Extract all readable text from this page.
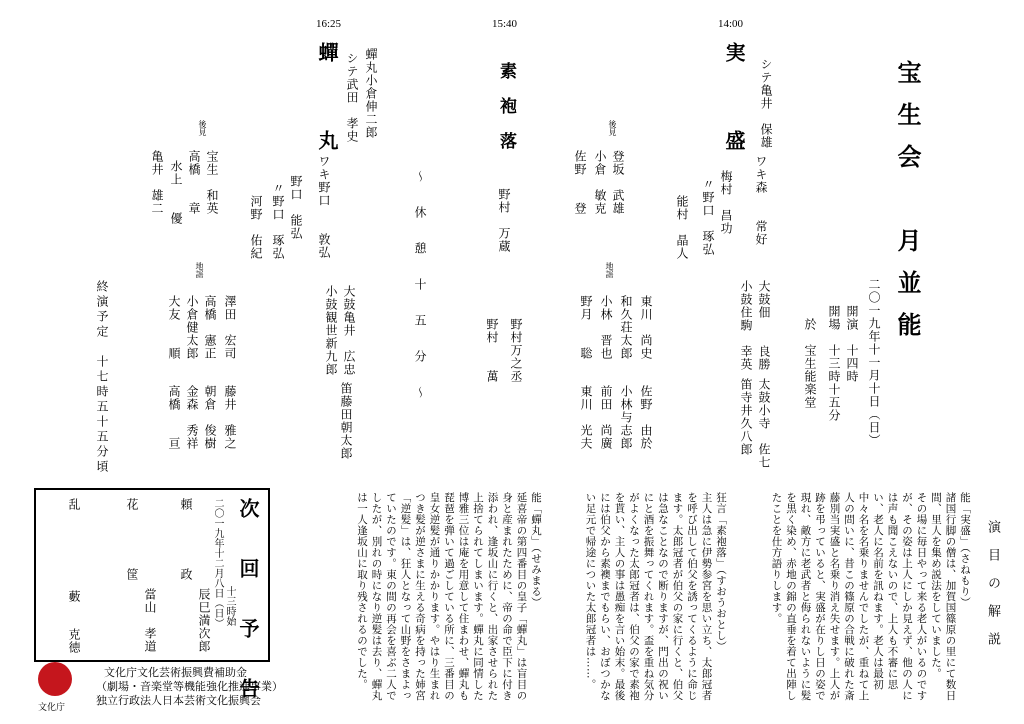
宝生会　月並能
二〇一九年十一月十日（日）
開演　十四時
開場　十三時十五分
於　宝生能楽堂
14:00
実　盛 シテ亀井　保雄
ワキ森　　常好
梅村　昌功
〃野口　琢弘
能村　晶人
大鼓佃　　良勝
小鼓住駒　幸英
太鼓小寺　佐七
笛寺井久八郎
後見
登坂　武雄
小倉　敏克
佐野　　登
地謡
東川　尚史
和久荘太郎
小林　晋也
野月　　聡
佐野　由於
小林与志郎
前田　尚廣
東川　光夫
15:40
素袍落
野村　万蔵
野村万之丞
野村　　萬
〜　休　憩　十　五　分　〜
16:25
蟬　丸 蟬丸小倉伸二郎
シテ武田　孝史
ワキ野口　　敦弘
野口　能弘
〃野口　琢弘
河野　佑紀
大鼓亀井　広忠
小鼓観世新九郎
笛藤田朝太郎
後見
宝生　和英
高橋　　章
水上　　優
亀井　雄二
地謡
澤田　宏司
高橋　憲正
小倉健太郎
大友　　順
藤井　雅之
朝倉　俊樹
金森　秀祥
高橋　　亘
終演予定　十七時五十五分頃
演　目　の　解　説
能「実盛」（さねもり）
諸国行脚の僧は、加賀国篠原の里にて数日間、里人を集め説法をしていました。
その場に毎日やって来る老人がいるのですが、その姿は上人にしか見えず、他の人には声も聞こえないので、上人も不審に思い、老人に名前を訊ねます。老人は最初中々名を名乗りませんでしたが、重ねて上人の問いに、昔この篠原の合戦に破れた斎藤別当実盛と名乗り消え失せます。上人が跡を弔っていると、実盛が在りし日の姿で現れ、敵方に老武者と侮られないように髪を黒く染め、赤地の錦の直垂を着て出陣したことを仕方語りします。
狂言「素袍落」（すおうおとし）
主人は急に伊勢参宮を思い立ち、太郎冠者を呼び出して伯父を誘ってくるように命じます。太郎冠者が伯父の家に行くと、伯父は急なことなので断りますが、門出の祝いにと酒を振舞ってくれます。盃を重ね気分がよくなった太郎冠者は、伯父の家で素袍を貰い、主人の事は愚痴を言い始末。最後には伯父から素襖までもらい、おぼつかない足元で帰途についた太郎冠者は……。
能「蟬丸」（せみまる）
延喜帝の第四番目の皇子「蟬丸」は盲目の身と産まれたために、帝の命で臣下に付き添われ、逢坂山に行くと、出家させられた上捨てられてしまいます。蟬丸に同情した博雅三位は庵を用意して住まわせ、蟬丸も琵琶を弾いて過ごしている所に、三番目の皇女逆髪が通りかかります。やはり生まれつき髪が逆さまに生える奇病を持った姉宮「逆髪」は、狂人となって山野をさまよっていたのです。東の間の再会を喜ぶ二人でしたが、別れの時になり逆髪は去り、蟬丸は一人逢坂山に取り残されるのでした。
次　回　予　告
二〇一九年十二月八日（日） 十三時始
頼
政
辰巳満次郎
花
筐
當山　孝道
乱
藪
克徳
文化庁
文化庁文化芸術振興費補助金
（劇場・音楽堂等機能強化推進事業）
独立行政法人日本芸術文化振興会
